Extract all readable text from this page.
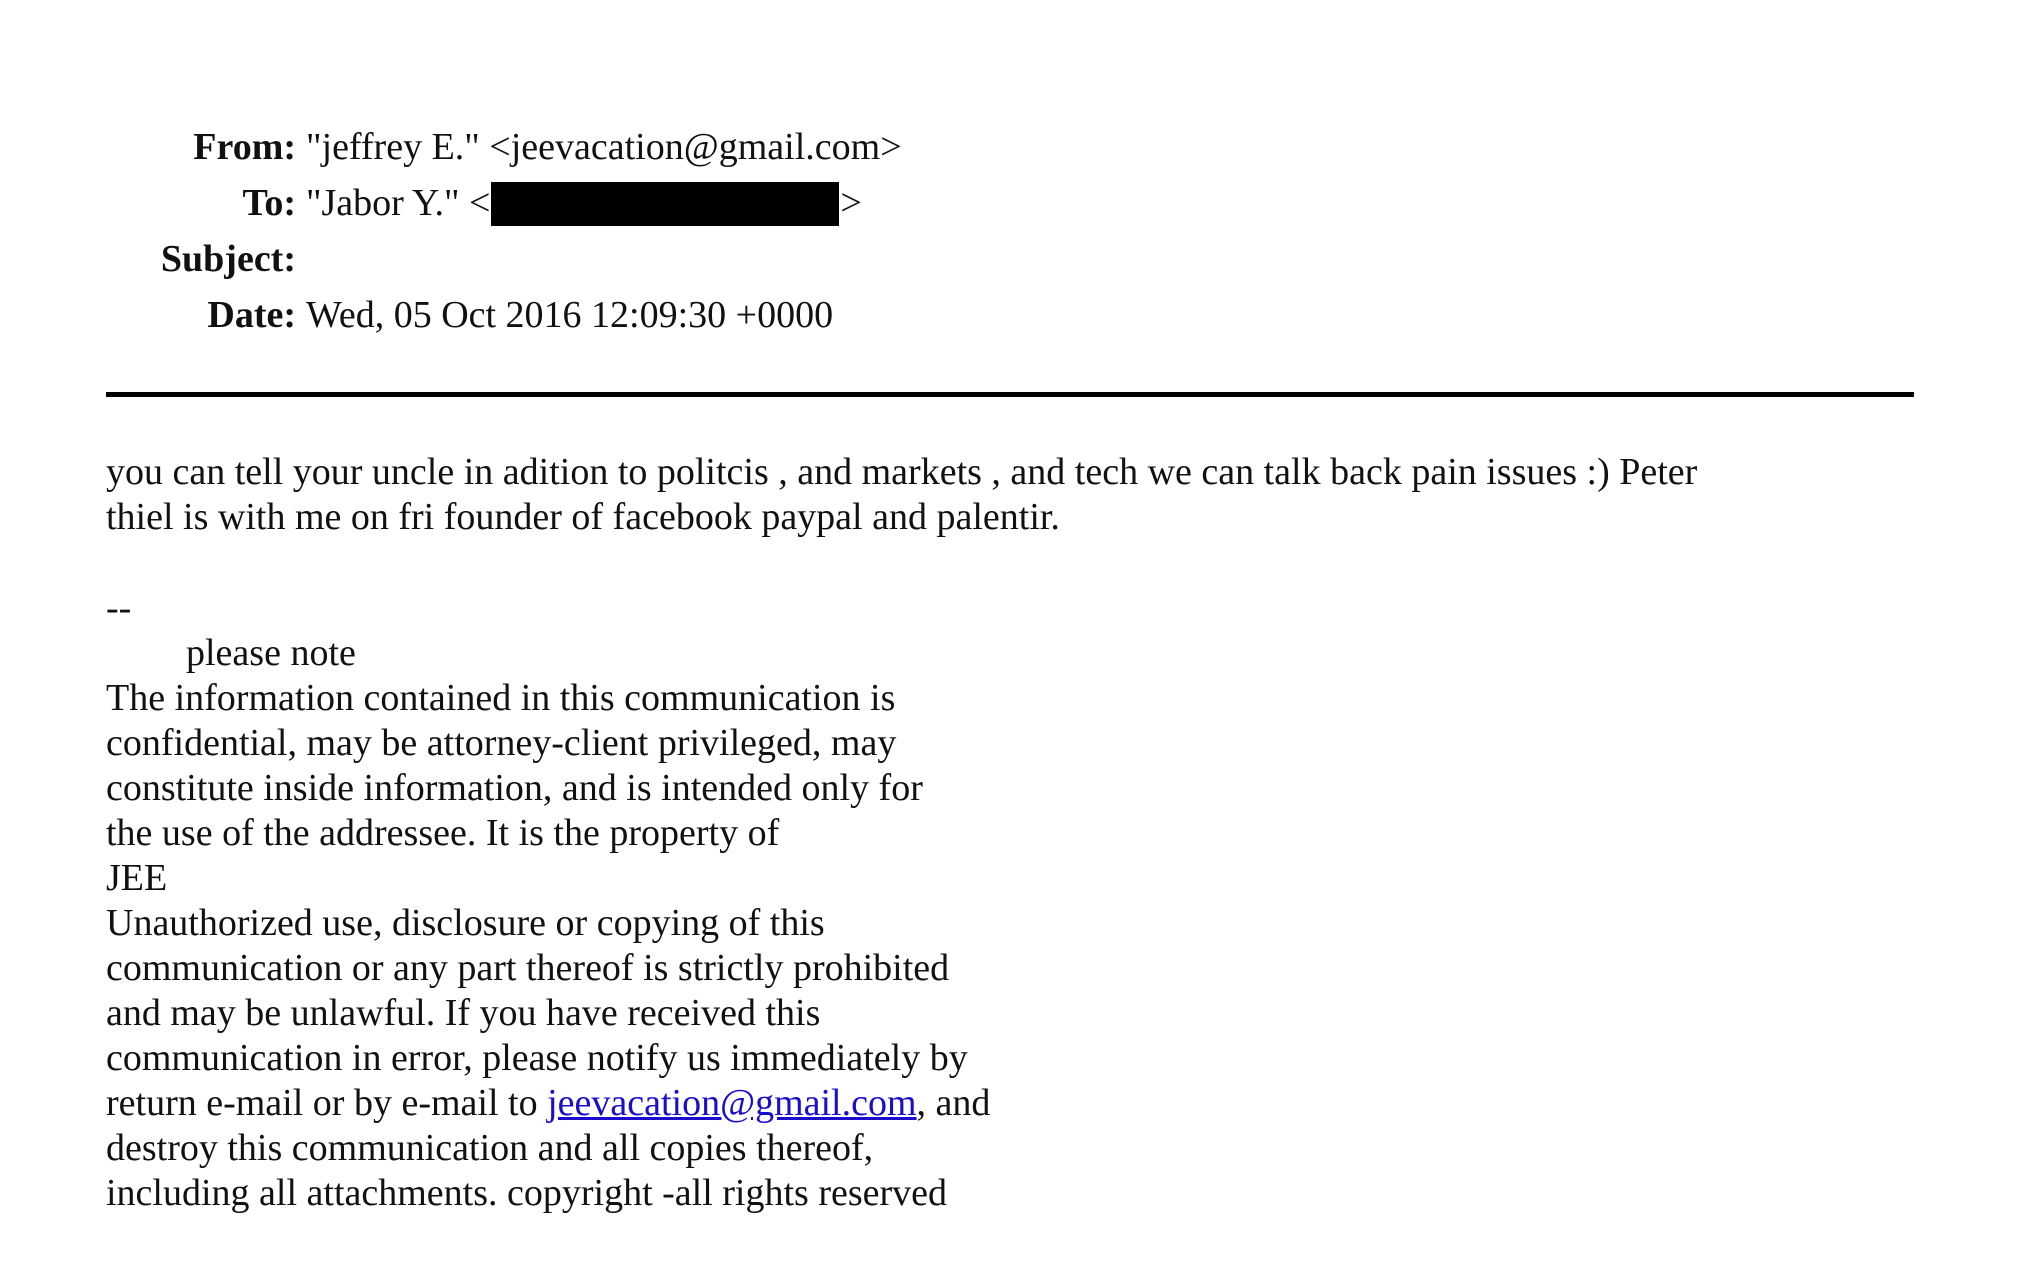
From: "jeffrey E." <jeevacation@gmail.com>
To: "Jabor Y." <	>
Subject:
Date: Wed, 05 Oct 2016 12:09:30 +0000
you can tell your uncle in adition to politcis , and markets , and tech we can talk back pain issues :) Peter
thiel is with me on fri founder of facebook paypal and palentir.
--
please note
The information contained in this communication is
confidential, may be attorney-client privileged, may
constitute inside information, and is intended only for
the use of the addressee. It is the property of
JEE
Unauthorized use, disclosure or copying of this
communication or any part thereof is strictly prohibited
and may be unlawful. If you have received this
communication in error, please notify us immediately by
return e-mail or by e-mail to jeevacation@gmail.com, and
destroy this communication and all copies thereof,
including all attachments. copyright -all rights reserved
